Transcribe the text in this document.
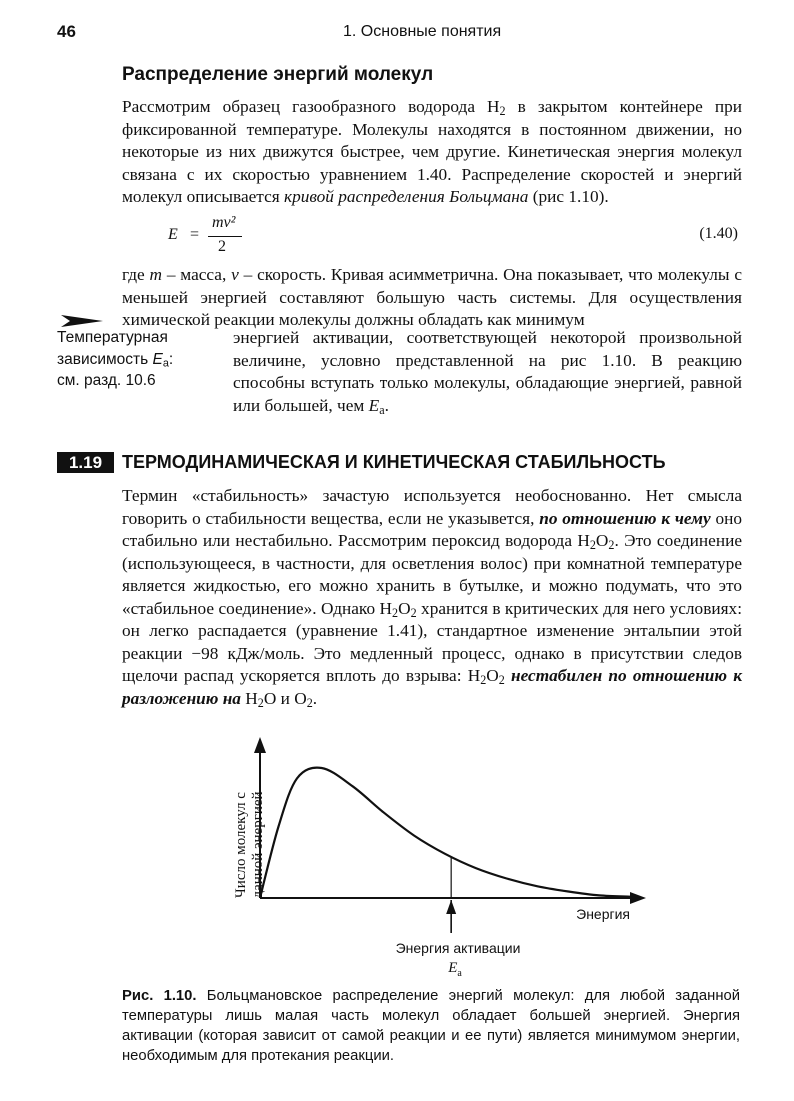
46	1. Основные понятия
Распределение энергий молекул
Рассмотрим образец газообразного водорода $H_2$ в закрытом контейнере при фиксированной температуре. Молекулы находятся в постоянном движении, но некоторые из них движутся быстрее, чем другие. Кинетическая энергия молекул связана с их скоростью уравнением 1.40. Распределение скоростей и энергий молекул описывается кривой распределения Больцмана (рис 1.10).
E =
mv²
2
(1.40)
где m – масса, v – скорость. Кривая асимметрична. Она показывает, что молекулы с меньшей энергией составляют большую часть системы. Для осуществления химической реакции молекулы должны обладать как минимум
энергией активации, соответствующей некоторой произвольной величине, условно представленной на рис 1.10. В реакцию способны вступать только молекулы, обладающие энергией, равной или большей, чем $E_a$.
Температурная
зависимость $E_a$:
см. разд. 10.6
1.19	ТЕРМОДИНАМИЧЕСКАЯ И КИНЕТИЧЕСКАЯ СТАБИЛЬНОСТЬ
Термин «стабильность» зачастую используется необоснованно. Нет смысла говорить о стабильности вещества, если не указывется, по отношению к чему оно стабильно или нестабильно. Рассмотрим пероксид водорода $H_2O_2$. Это соединение (использующееся, в частности, для осветления волос) при комнатной температуре является жидкостью, его можно хранить в бутылке, и можно подумать, что это «стабильное соединение». Однако $H_2O_2$ хранится в критических для него условиях: он легко распадается (уравнение 1.41), стандартное изменение энтальпии этой реакции −98 кДж/моль. Это медленный процесс, однако в присутствии следов щелочи распад ускоряется вплоть до взрыва: $H_2O_2$ нестабилен по отношению к разложению на $H_2O$ и $O_2$.
Число молекул с данной энергией
Энергия
Энергия активации
$E_a$
Рис. 1.10. Больцмановское распределение энергий молекул: для любой заданной температуры лишь малая часть молекул обладает большей энергией. Энергия активации (которая зависит от самой реакции и ее пути) является минимумом энергии, необходимым для протекания реакции.
